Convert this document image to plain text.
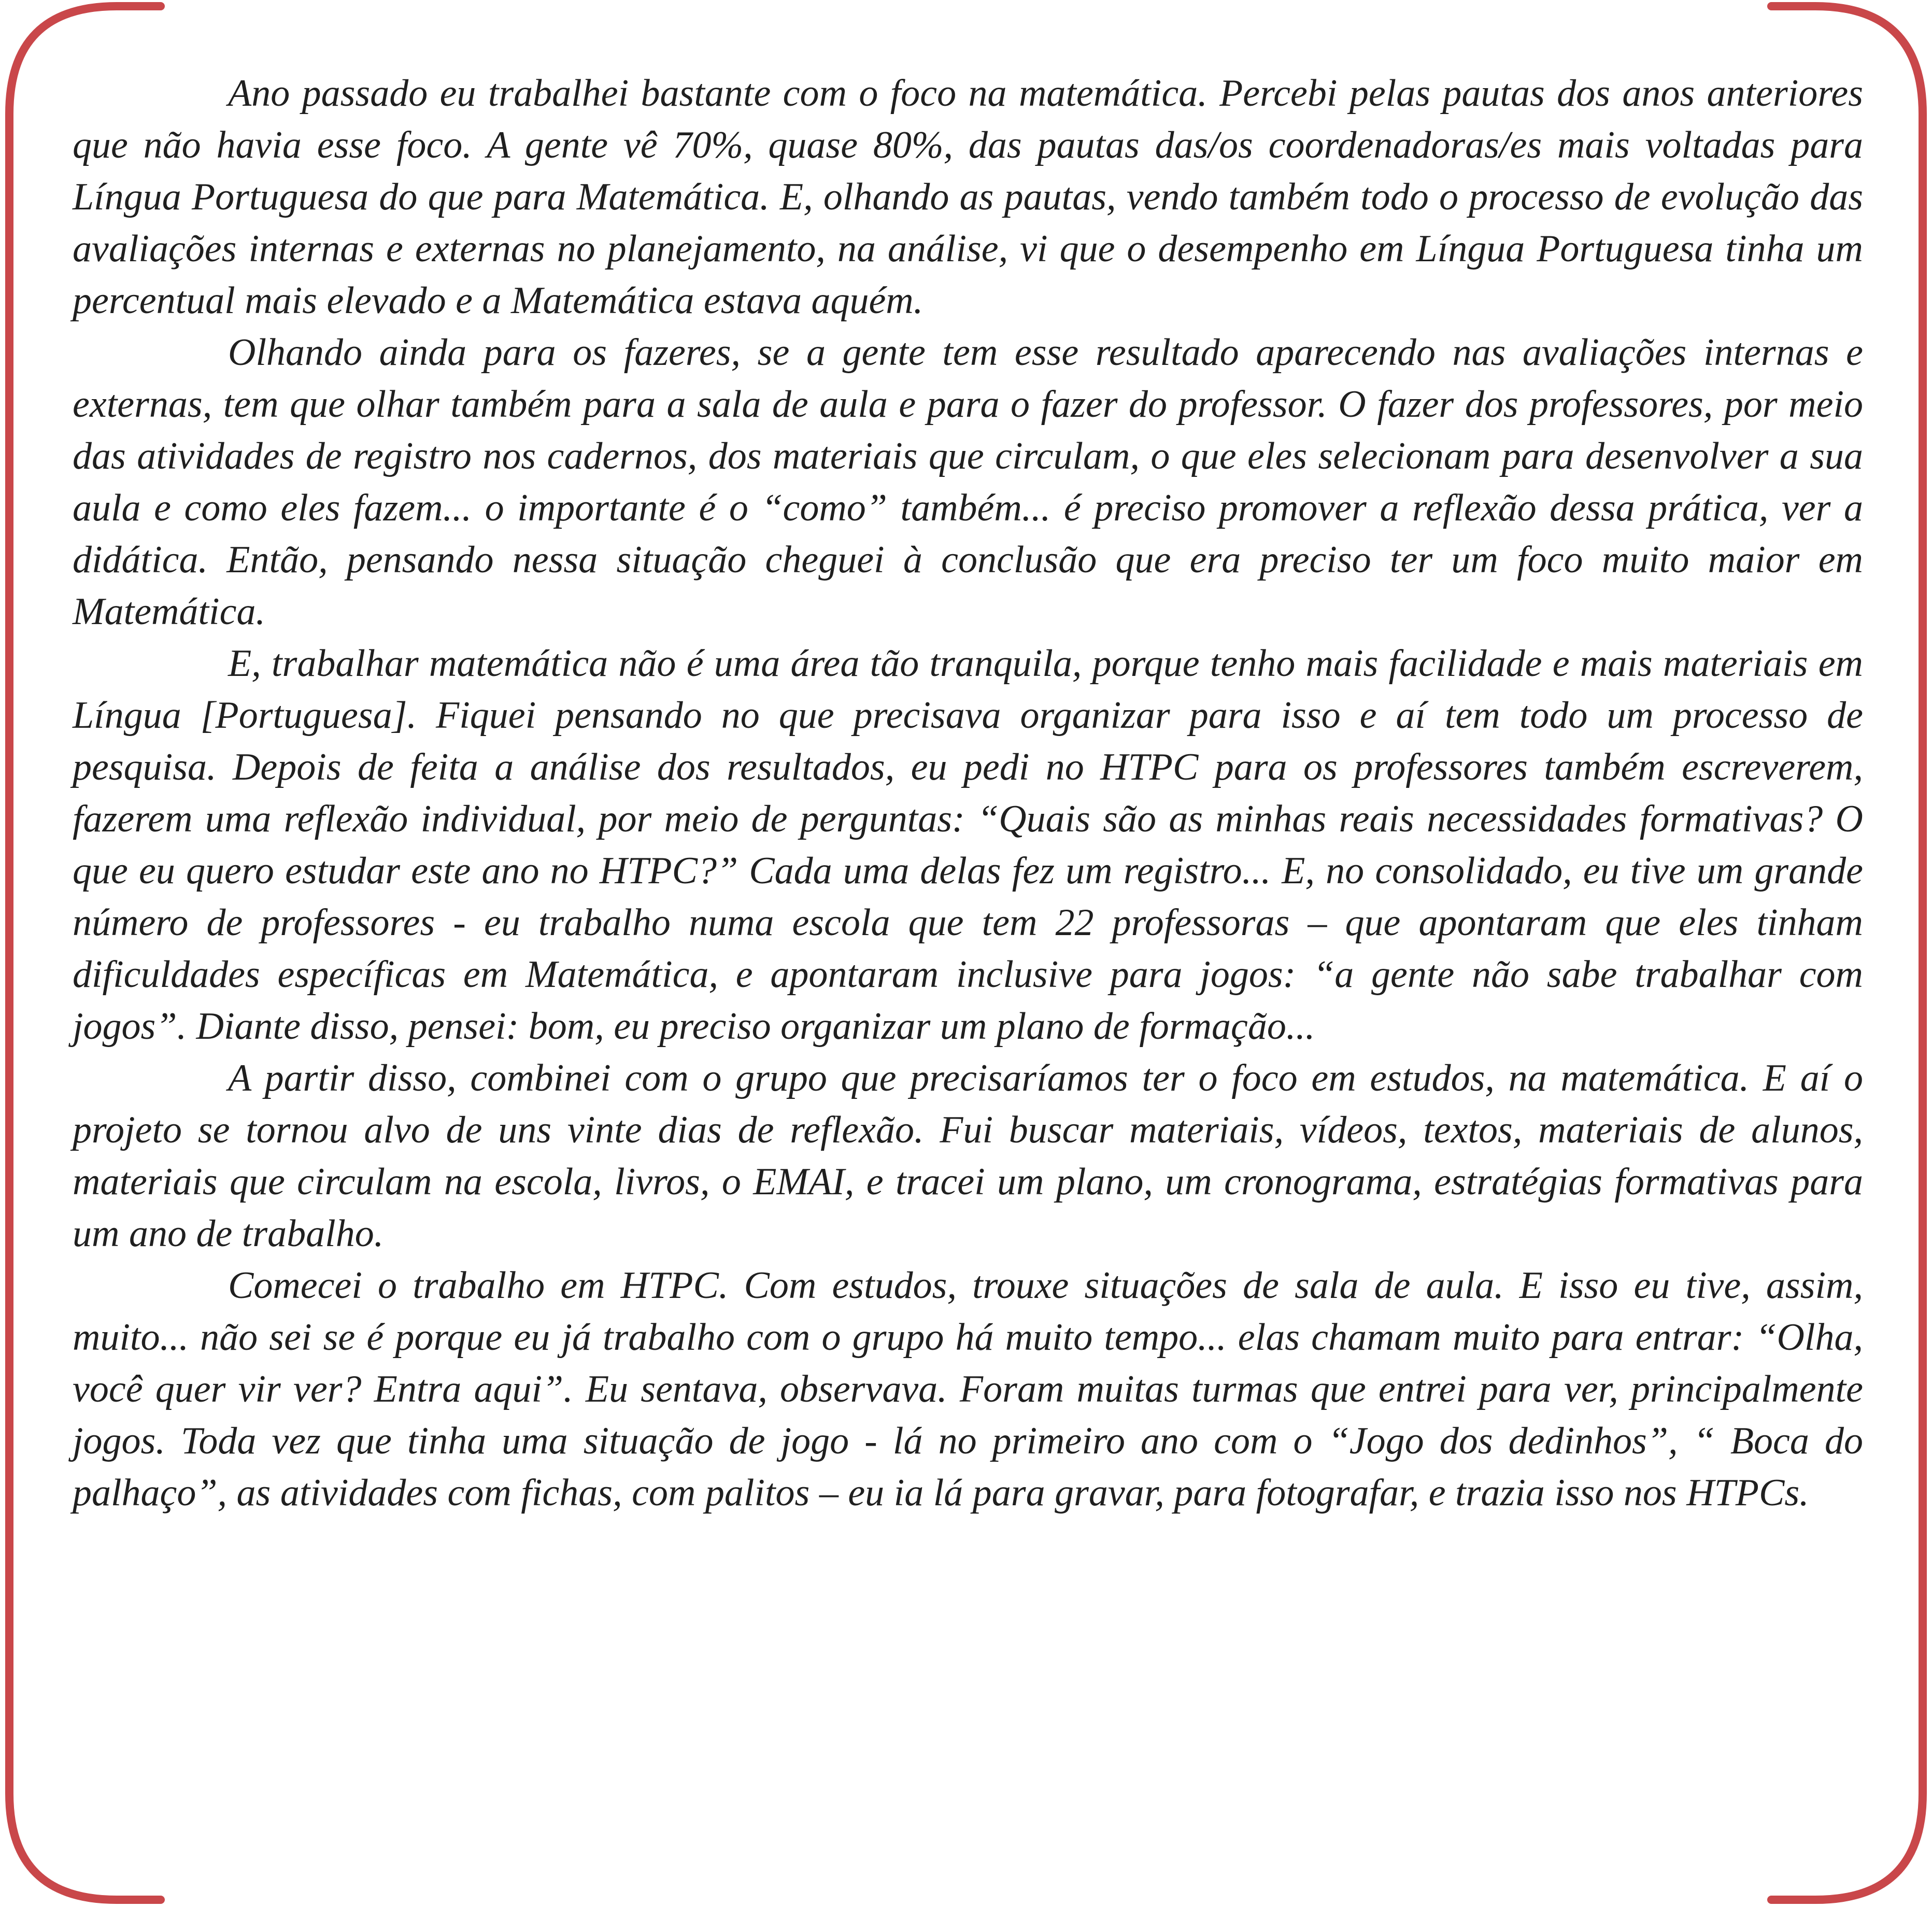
Ano passado eu trabalhei bastante com o foco na matemática. Percebi pelas pautas dos anos anteriores que não havia esse foco. A gente vê 70%, quase 80%, das pautas das/os coordenadoras/es mais voltadas para Língua Portuguesa do que para Matemática. E, olhando as pautas, vendo também todo o processo de evolução das avaliações internas e externas no planejamento, na análise, vi que o desempenho em Língua Portuguesa tinha um percentual mais elevado e a Matemática estava aquém.

Olhando ainda para os fazeres, se a gente tem esse resultado aparecendo nas avaliações internas e externas, tem que olhar também para a sala de aula e para o fazer do professor. O fazer dos professores, por meio das atividades de registro nos cadernos, dos materiais que circulam, o que eles selecionam para desenvolver a sua aula e como eles fazem... o importante é o “como” também... é preciso promover a reflexão dessa prática, ver a didática. Então, pensando nessa situação cheguei à conclusão que era preciso ter um foco muito maior em Matemática.

E, trabalhar matemática não é uma área tão tranquila, porque tenho mais facilidade e mais materiais em Língua [Portuguesa]. Fiquei pensando no que precisava organizar para isso e aí tem todo um processo de pesquisa. Depois de feita a análise dos resultados, eu pedi no HTPC para os professores também escreverem, fazerem uma reflexão individual, por meio de perguntas: “Quais são as minhas reais necessidades formativas? O que eu quero estudar este ano no HTPC?” Cada uma delas fez um registro... E, no consolidado, eu tive um grande número de professores - eu trabalho numa escola que tem 22 professoras – que apontaram que eles tinham dificuldades específicas em Matemática, e apontaram inclusive para jogos: “a gente não sabe trabalhar com jogos”. Diante disso, pensei: bom, eu preciso organizar um plano de formação...

A partir disso, combinei com o grupo que precisaríamos ter o foco em estudos, na matemática. E aí o projeto se tornou alvo de uns vinte dias de reflexão. Fui buscar materiais, vídeos, textos, materiais de alunos, materiais que circulam na escola, livros, o EMAI, e tracei um plano, um cronograma, estratégias formativas para um ano de trabalho.

Comecei o trabalho em HTPC. Com estudos, trouxe situações de sala de aula. E isso eu tive, assim, muito... não sei se é porque eu já trabalho com o grupo há muito tempo... elas chamam muito para entrar: “Olha, você quer vir ver? Entra aqui”. Eu sentava, observava. Foram muitas turmas que entrei para ver, principalmente jogos. Toda vez que tinha uma situação de jogo - lá no primeiro ano com o “Jogo dos dedinhos”, “ Boca do palhaço”, as atividades com fichas, com palitos – eu ia lá para gravar, para fotografar, e trazia isso nos HTPCs.
